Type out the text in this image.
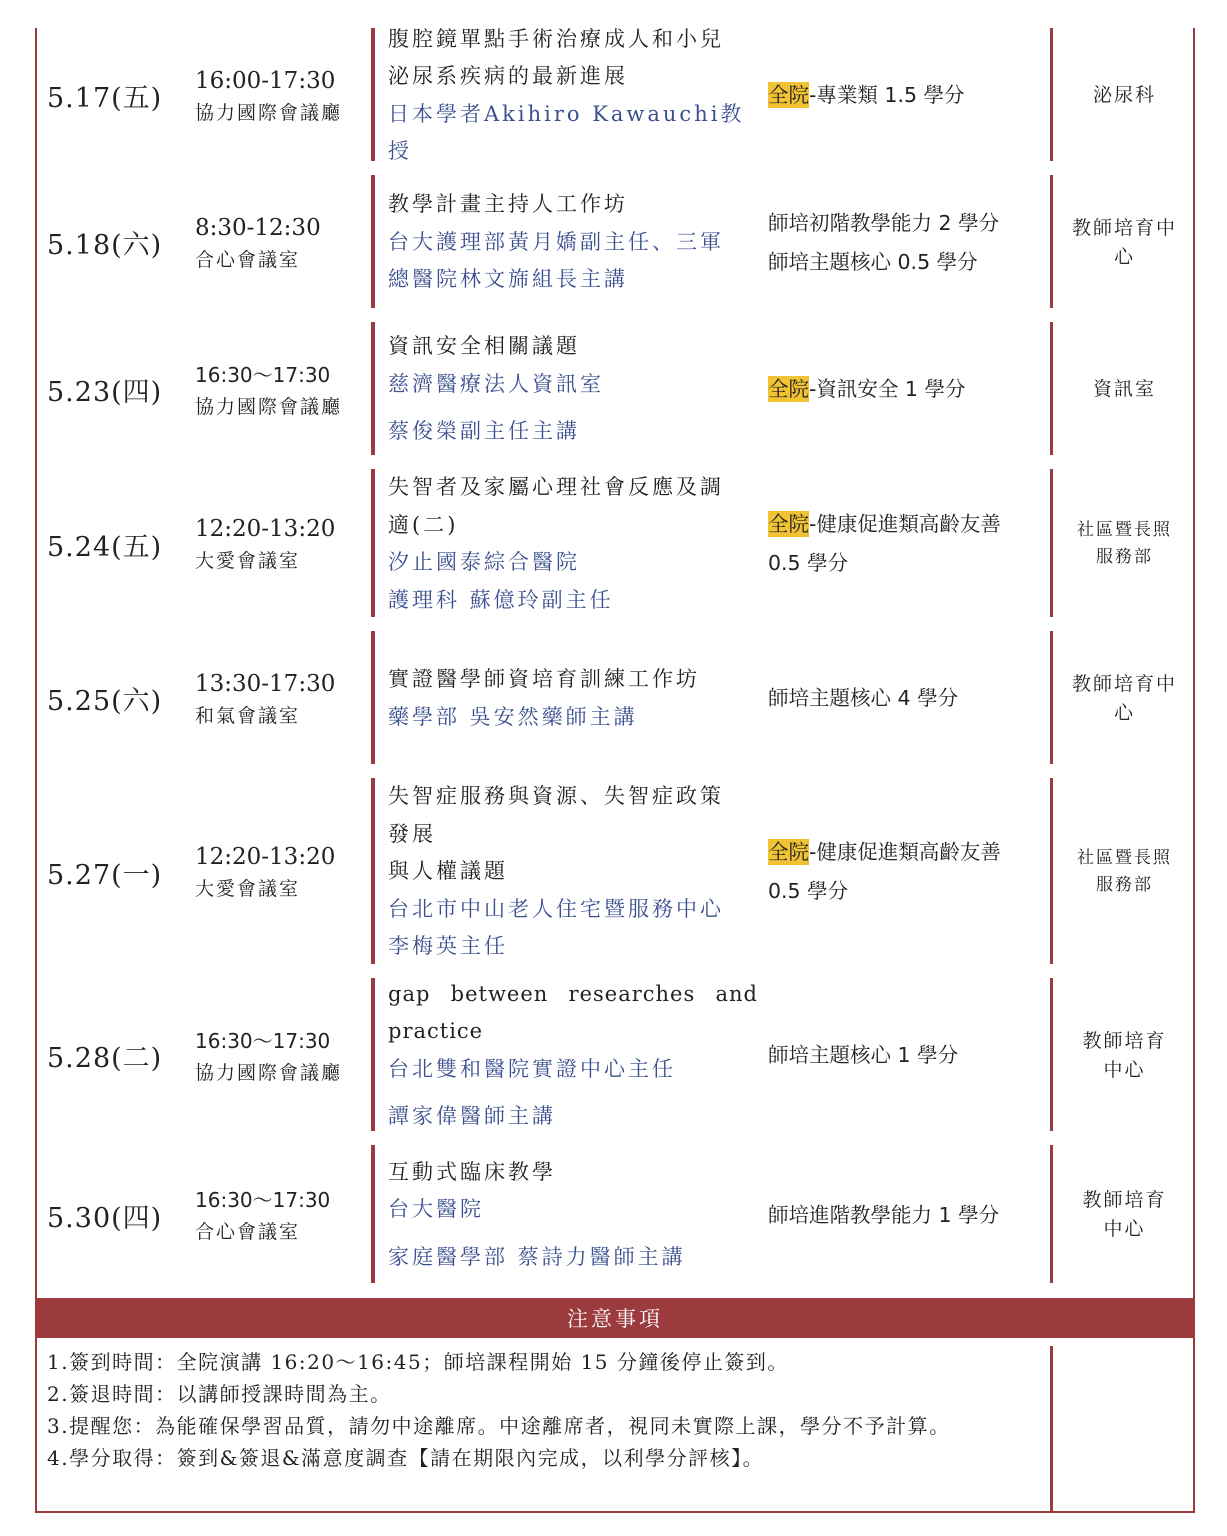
5.17(五)
16:00-17:30
協力國際會議廳
腹腔鏡單點手術治療成人和小兒
泌尿系疾病的最新進展
日本學者Akihiro Kawauchi教授
全院-專業類 1.5 學分	泌尿科
5.18(六)
8:30-12:30
合心會議室
教學計畫主持人工作坊
台大護理部黃月嬌副主任、三軍
總醫院林文旆組長主講
師培初階教學能力 2 學分
師培主題核心 0.5 學分
教師培育中
心
5.23(四)
16:30～17:30
協力國際會議廳
資訊安全相關議題
慈濟醫療法人資訊室
蔡俊榮副主任主講
全院-資訊安全 1 學分	資訊室
5.24(五)
12:20-13:20
大愛會議室
失智者及家屬心理社會反應及調
適(二)
汐止國泰綜合醫院
護理科 蘇億玲副主任
全院-健康促進類高齡友善
0.5 學分
社區暨長照
服務部
5.25(六)
13:30-17:30
和氣會議室
實證醫學師資培育訓練工作坊
藥學部 吳安然藥師主講
師培主題核心 4 學分
教師培育中
心
5.27(一)
12:20-13:20
大愛會議室
失智症服務與資源、失智症政策
發展
與人權議題
台北市中山老人住宅暨服務中心
李梅英主任
全院-健康促進類高齡友善
0.5 學分
社區暨長照
服務部
5.28(二)
16:30～17:30
協力國際會議廳
gap between researches and
practice
台北雙和醫院實證中心主任
譚家偉醫師主講
師培主題核心 1 學分
教師培育
中心
5.30(四)
16:30～17:30
合心會議室
互動式臨床教學
台大醫院
家庭醫學部 蔡詩力醫師主講
師培進階教學能力 1 學分
教師培育
中心
注意事項
1.簽到時間：全院演講 16:20～16:45；師培課程開始 15 分鐘後停止簽到。
2.簽退時間：以講師授課時間為主。
3.提醒您：為能確保學習品質，請勿中途離席。中途離席者，視同未實際上課，學分不予計算。
4.學分取得：簽到&簽退&滿意度調查【請在期限內完成，以利學分評核】。
